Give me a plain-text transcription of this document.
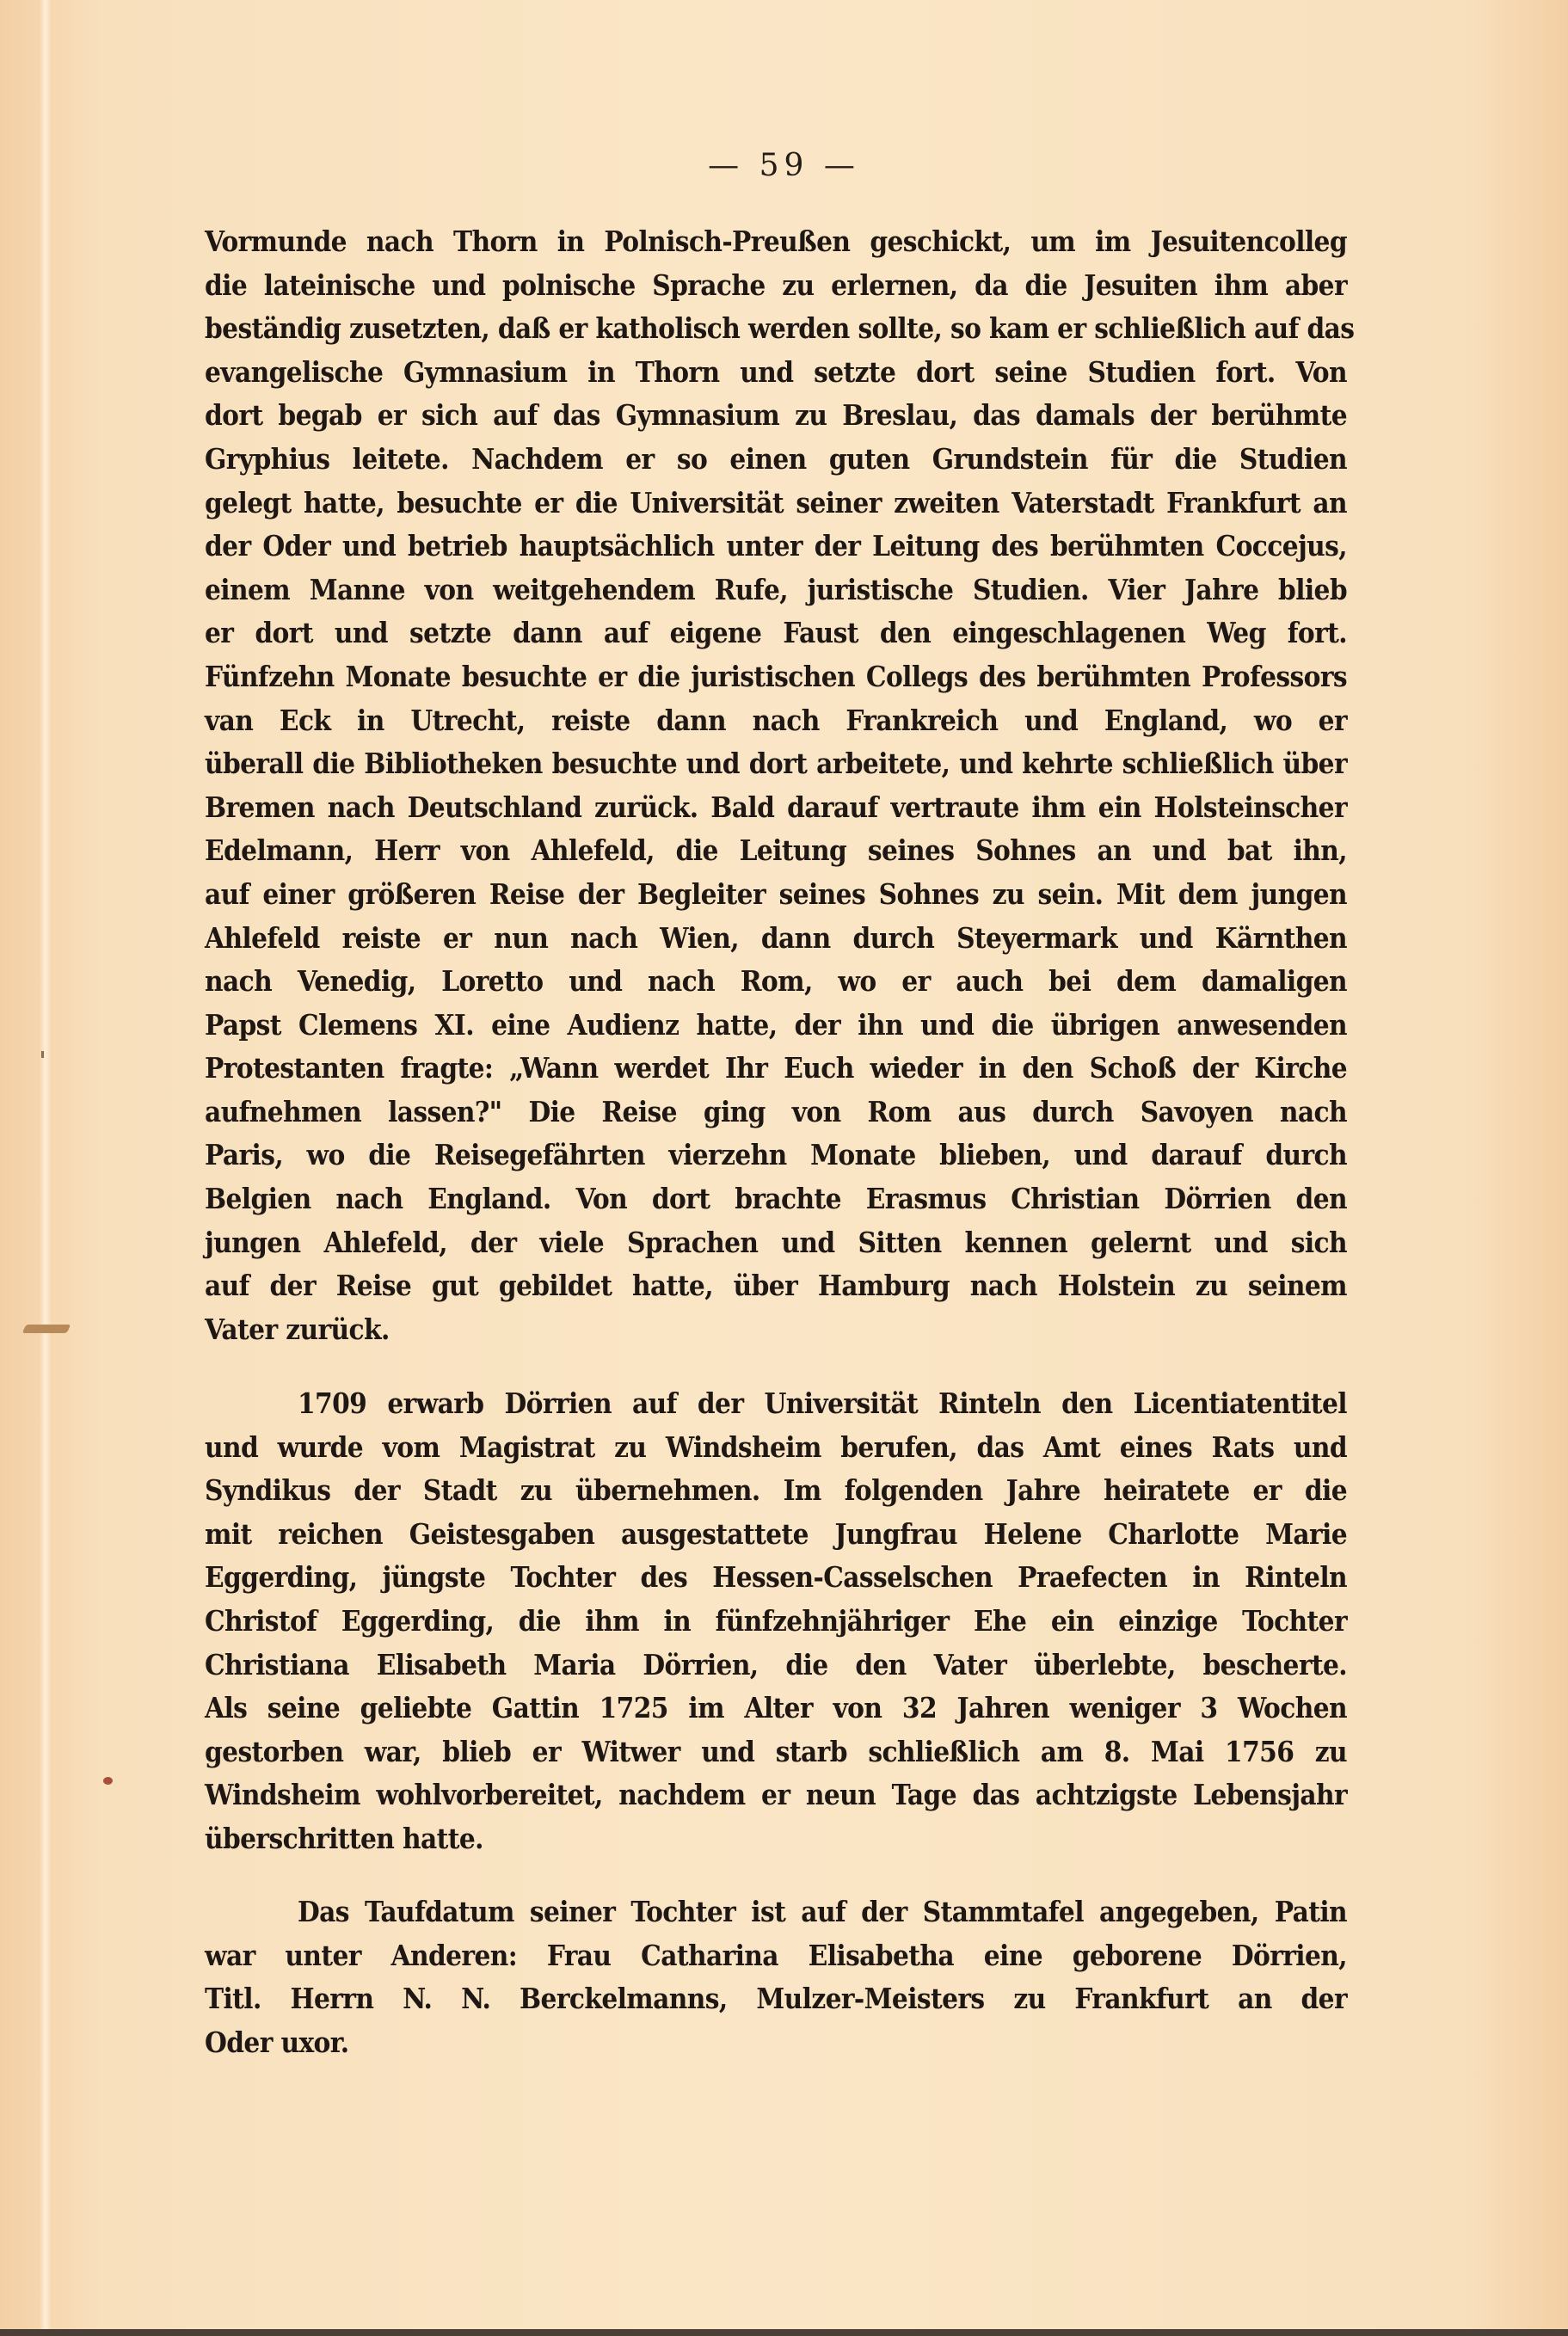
— 59 —
Vormunde nach Thorn in Polnisch-Preußen geschickt, um im Jesuitencolleg
die lateinische und polnische Sprache zu erlernen, da die Jesuiten ihm aber
beständig zusetzten, daß er katholisch werden sollte, so kam er schließlich auf das
evangelische Gymnasium in Thorn und setzte dort seine Studien fort. Von
dort begab er sich auf das Gymnasium zu Breslau, das damals der berühmte
Gryphius leitete. Nachdem er so einen guten Grundstein für die Studien
gelegt hatte, besuchte er die Universität seiner zweiten Vaterstadt Frankfurt an
der Oder und betrieb hauptsächlich unter der Leitung des berühmten Coccejus,
einem Manne von weitgehendem Rufe, juristische Studien. Vier Jahre blieb
er dort und setzte dann auf eigene Faust den eingeschlagenen Weg fort.
Fünfzehn Monate besuchte er die juristischen Collegs des berühmten Professors
van Eck in Utrecht, reiste dann nach Frankreich und England, wo er
überall die Bibliotheken besuchte und dort arbeitete, und kehrte schließlich über
Bremen nach Deutschland zurück. Bald darauf vertraute ihm ein Holsteinscher
Edelmann, Herr von Ahlefeld, die Leitung seines Sohnes an und bat ihn,
auf einer größeren Reise der Begleiter seines Sohnes zu sein. Mit dem jungen
Ahlefeld reiste er nun nach Wien, dann durch Steyermark und Kärnthen
nach Venedig, Loretto und nach Rom, wo er auch bei dem damaligen
Papst Clemens XI. eine Audienz hatte, der ihn und die übrigen anwesenden
Protestanten fragte: „Wann werdet Ihr Euch wieder in den Schoß der Kirche
aufnehmen lassen?" Die Reise ging von Rom aus durch Savoyen nach
Paris, wo die Reisegefährten vierzehn Monate blieben, und darauf durch
Belgien nach England. Von dort brachte Erasmus Christian Dörrien den
jungen Ahlefeld, der viele Sprachen und Sitten kennen gelernt und sich
auf der Reise gut gebildet hatte, über Hamburg nach Holstein zu seinem
Vater zurück.
1709 erwarb Dörrien auf der Universität Rinteln den Licentiatentitel
und wurde vom Magistrat zu Windsheim berufen, das Amt eines Rats und
Syndikus der Stadt zu übernehmen. Im folgenden Jahre heiratete er die
mit reichen Geistesgaben ausgestattete Jungfrau Helene Charlotte Marie
Eggerding, jüngste Tochter des Hessen-Casselschen Praefecten in Rinteln
Christof Eggerding, die ihm in fünfzehnjähriger Ehe ein einzige Tochter
Christiana Elisabeth Maria Dörrien, die den Vater überlebte, bescherte.
Als seine geliebte Gattin 1725 im Alter von 32 Jahren weniger 3 Wochen
gestorben war, blieb er Witwer und starb schließlich am 8. Mai 1756 zu
Windsheim wohlvorbereitet, nachdem er neun Tage das achtzigste Lebensjahr
überschritten hatte.
Das Taufdatum seiner Tochter ist auf der Stammtafel angegeben, Patin
war unter Anderen: Frau Catharina Elisabetha eine geborene Dörrien,
Titl. Herrn N. N. Berckelmanns, Mulzer-Meisters zu Frankfurt an der
Oder uxor.
